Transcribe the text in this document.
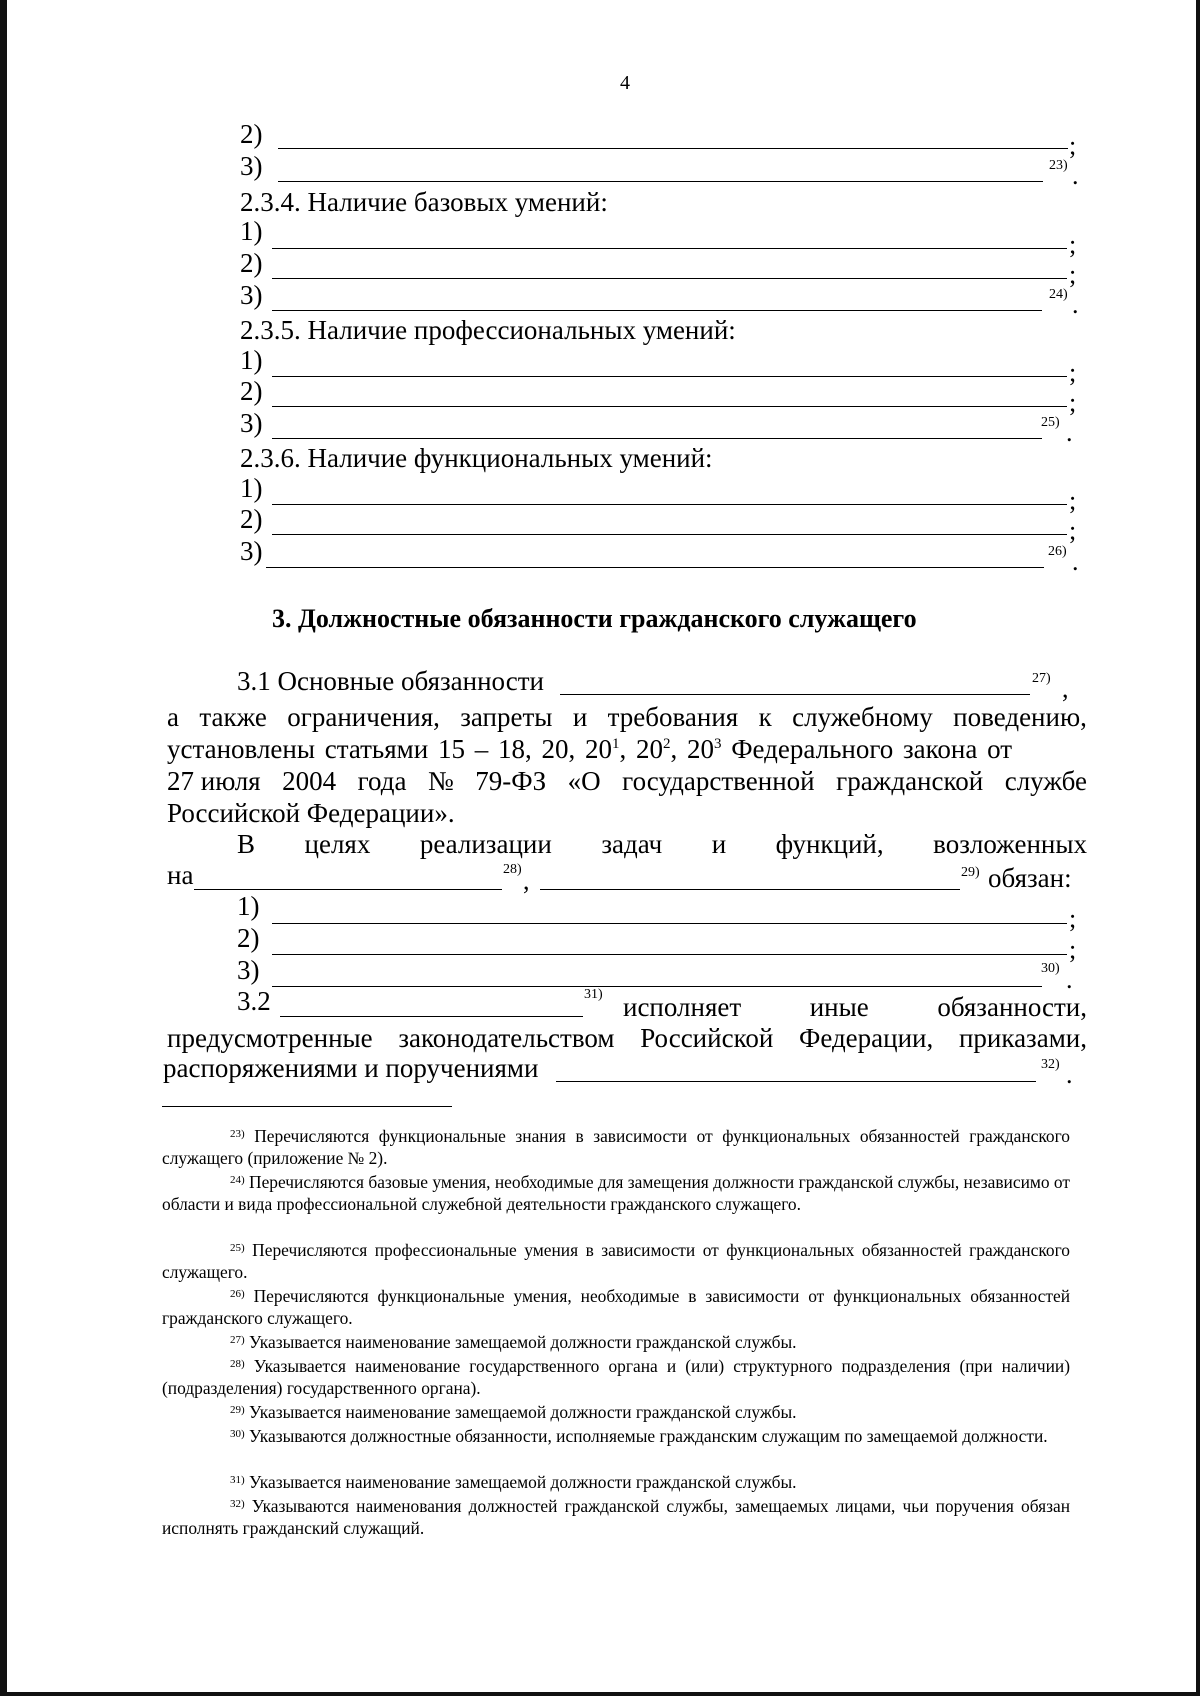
4
2)	;
3)	23) .
2.3.4. Наличие базовых умений:
1)	;
2)	;
3)	24) .
2.3.5. Наличие профессиональных умений:
1)	;
2)	;
3)	25) .
2.3.6. Наличие функциональных умений:
1)	;
2)	;
3)	26) .
3. Должностные обязанности гражданского служащего
3.1 Основные обязанности	27) ,
а также ограничения, запреты и требования к служебному поведению,
установлены статьями 15 – 18, 20, $20^1$, $20^2$, $20^3$ Федерального закона от
27 июля 2004 года № 79-ФЗ «О государственной гражданской службе
Российской Федерации».
В целях реализации задач и функций, возложенных
на	28) ,	29) обязан:
1)	;
2)	;
3)	30) .
3.2	31) исполняет	иные	обязанности,
предусмотренные законодательством Российской Федерации, приказами,
распоряжениями и поручениями	32) .
$^{23)}$ Перечисляются функциональные знания в зависимости от функциональных обязанностей гражданского служащего (приложение № 2).
$^{24)}$ Перечисляются базовые умения, необходимые для замещения должности гражданской службы, независимо от области и вида профессиональной служебной деятельности гражданского служащего.
$^{25)}$ Перечисляются профессиональные умения в зависимости от функциональных обязанностей гражданского служащего.
$^{26)}$ Перечисляются функциональные умения, необходимые в зависимости от функциональных обязанностей гражданского служащего.
$^{27)}$ Указывается наименование замещаемой должности гражданской службы.
$^{28)}$ Указывается наименование государственного органа и (или) структурного подразделения (при наличии) (подразделения) государственного органа).
$^{29)}$ Указывается наименование замещаемой должности гражданской службы.
$^{30)}$ Указываются должностные обязанности, исполняемые гражданским служащим по замещаемой должности.
$^{31)}$ Указывается наименование замещаемой должности гражданской службы.
$^{32)}$ Указываются наименования должностей гражданской службы, замещаемых лицами, чьи поручения обязан исполнять гражданский служащий.
